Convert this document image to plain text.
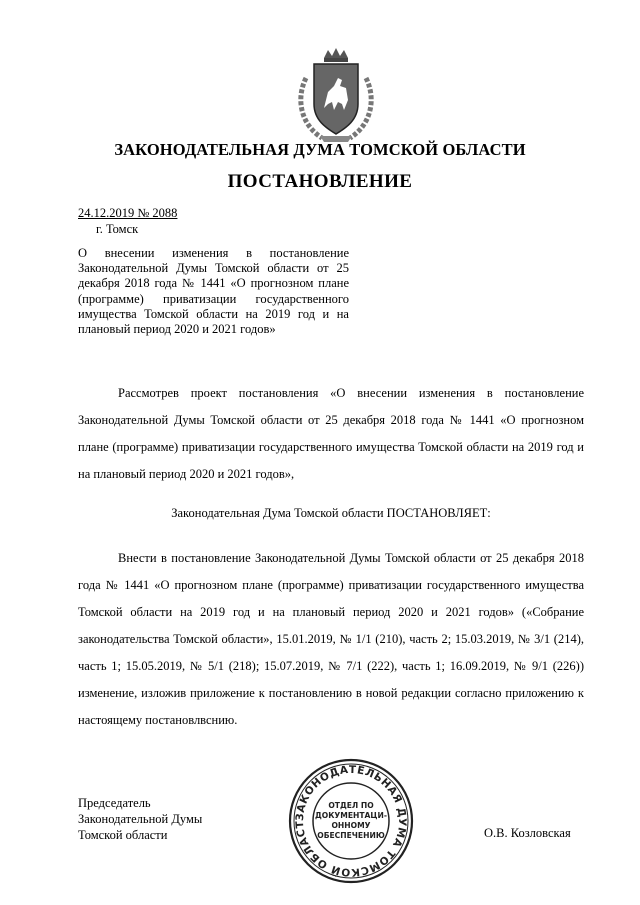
ЗАКОНОДАТЕЛЬНАЯ ДУМА ТОМСКОЙ ОБЛАСТИ
ПОСТАНОВЛЕНИЕ
24.12.2019 № 2088
г. Томск
О внесении изменения в постановление Законодательной Думы Томской области от 25 декабря 2018 года № 1441 «О прогнозном плане (программе) приватизации государственного имущества Томской области на 2019 год и на плановый период 2020 и 2021 годов»
Рассмотрев проект постановления «О внесении изменения в постановление Законодательной Думы Томской области от 25 декабря 2018 года № 1441 «О прогнозном плане (программе) приватизации государственного имущества Томской области на 2019 год и на плановый период 2020 и 2021 годов»,
Законодательная Дума Томской области ПОСТАНОВЛЯЕТ:
Внести в постановление Законодательной Думы Томской области от 25 декабря 2018 года № 1441 «О прогнозном плане (программе) приватизации государственного имущества Томской области на 2019 год и на плановый период 2020 и 2021 годов» («Собрание законодательства Томской области», 15.01.2019, № 1/1 (210), часть 2; 15.03.2019, № 3/1 (214), часть 1; 15.05.2019, № 5/1 (218); 15.07.2019, № 7/1 (222), часть 1; 16.09.2019, № 9/1 (226)) изменение, изложив приложение к постановлению в новой редакции согласно приложению к настоящему постановлвснию.
Председатель
Законодательной Думы
Томской области	О.В. Козловская
ЗАКОНОДАТЕЛЬНАЯ ДУМА ТОМСКОЙ ОБЛАСТ
ОТДЕЛ ПО
ДОКУМЕНТАЦИ-
ОННОМУ
ОБЕСПЕЧЕНИЮ
